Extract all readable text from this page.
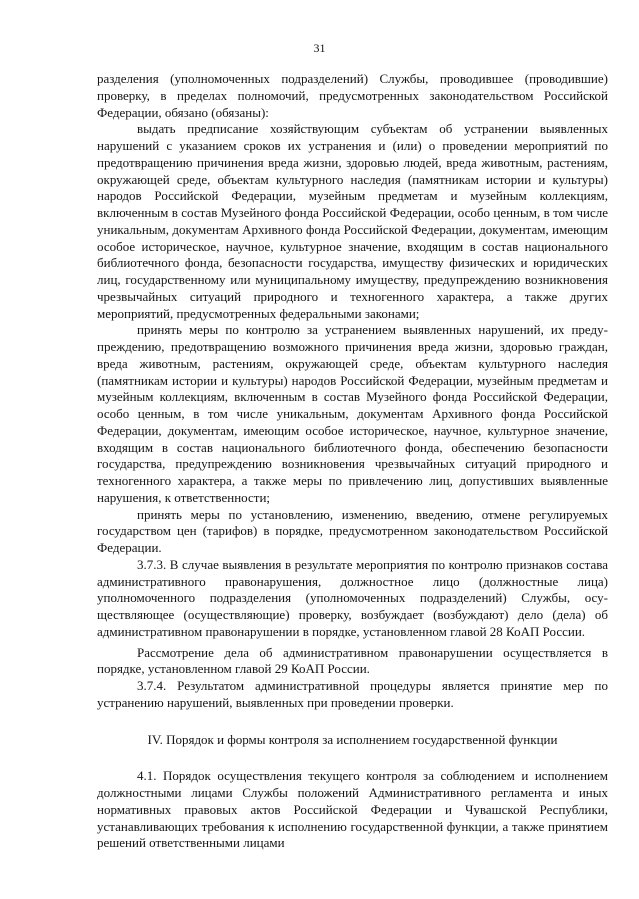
31

разделения (уполномоченных подразделений) Службы, проводившее (проводившие) проверку, в пределах полномочий, предусмотренных законодательством Российской Федерации, обязано (обязаны):

выдать предписание хозяйствующим субъектам об устранении выявленных нарушений с указанием сроков их устранения и (или) о проведении мероприятий по предотвращению причинения вреда жизни, здоровью людей, вреда животным, растениям, окружающей среде, объектам культурного наследия (памятникам истории и культуры) народов Российской Федерации, музейным предметам и музейным коллекциям, включенным в состав Музейного фонда Российской Федерации, особо ценным, в том числе уникальным, документам Архивного фонда Российской Федерации, документам, имеющим особое историческое, научное, культурное значение, входящим в состав национального библиотечного фонда, безопасности государства, имуществу физических и юридических лиц, государственному или муниципальному имуществу, предупреждению возникновения чрезвычайных ситуаций природного и техногенного характера, а также других мероприятий, предусмотренных федеральными законами;

принять меры по контролю за устранением выявленных нарушений, их предупреждению, предотвращению возможного причинения вреда жизни, здоровью граждан, вреда животным, растениям, окружающей среде, объектам культурного наследия (памятникам истории и культуры) народов Российской Федерации, музейным предметам и музейным коллекциям, включенным в состав Музейного фонда Российской Федерации, особо ценным, в том числе уникальным, документам Архивного фонда Российской Федерации, документам, имеющим особое историческое, научное, культурное значение, входящим в состав национального библиотечного фонда, обеспечению безопасности государства, предупреждению возникновения чрезвычайных ситуаций природного и техногенного характера, а также меры по привлечению лиц, допустивших выявленные нарушения, к ответственности;

принять меры по установлению, изменению, введению, отмене регулируемых государством цен (тарифов) в порядке, предусмотренном законодательством Российской Федерации.

3.7.3. В случае выявления в результате мероприятия по контролю признаков состава административного правонарушения, должностное лицо (должностные лица) уполномоченного подразделения (уполномоченных подразделений) Службы, осуществляющее (осуществляющие) проверку, возбуждает (возбуждают) дело (дела) об административном правонарушении в порядке, установленном главой 28 КоАП России.

Рассмотрение дела об административном правонарушении осуществляется в порядке, установленном главой 29 КоАП России.

3.7.4. Результатом административной процедуры является принятие мер по устранению нарушений, выявленных при проведении проверки.

IV. Порядок и формы контроля за исполнением государственной функции

4.1. Порядок осуществления текущего контроля за соблюдением и исполнением должностными лицами Службы положений Административного регламента и иных нормативных правовых актов Российской Федерации и Чувашской Республики, устанавливающих требования к исполнению государственной функции, а также принятием решений ответственными лицами
